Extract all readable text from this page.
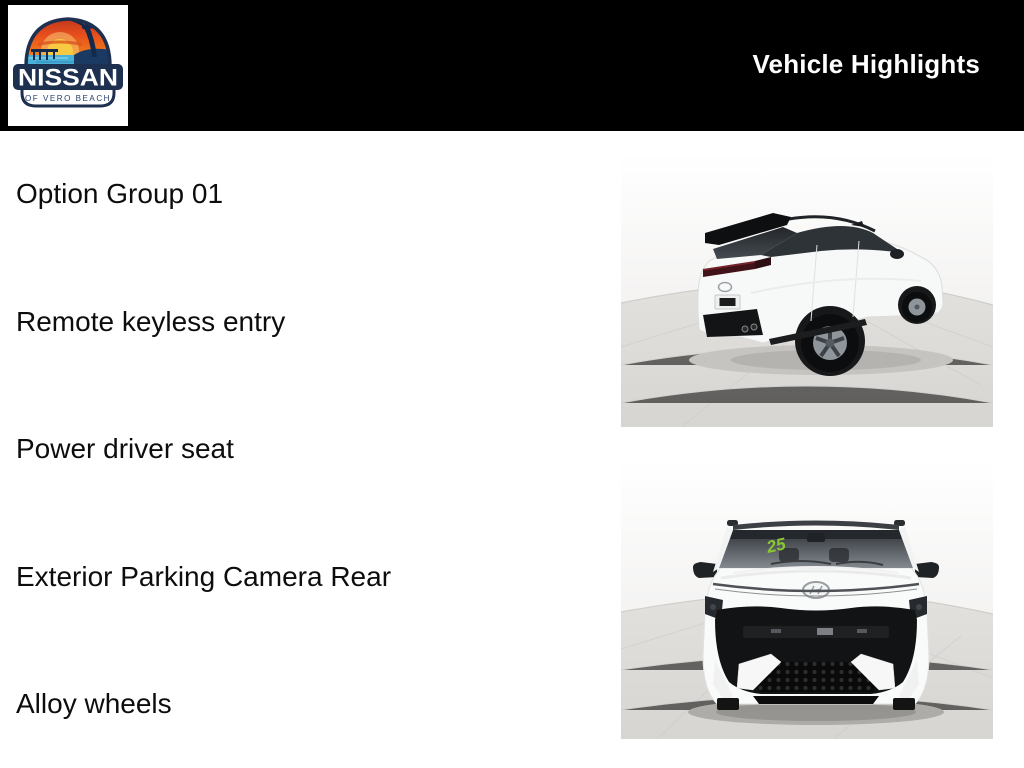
NISSAN
OF VERO BEACH
Vehicle Highlights
Option Group 01
Remote keyless entry
Power driver seat
Exterior Parking Camera Rear
Alloy wheels
25
